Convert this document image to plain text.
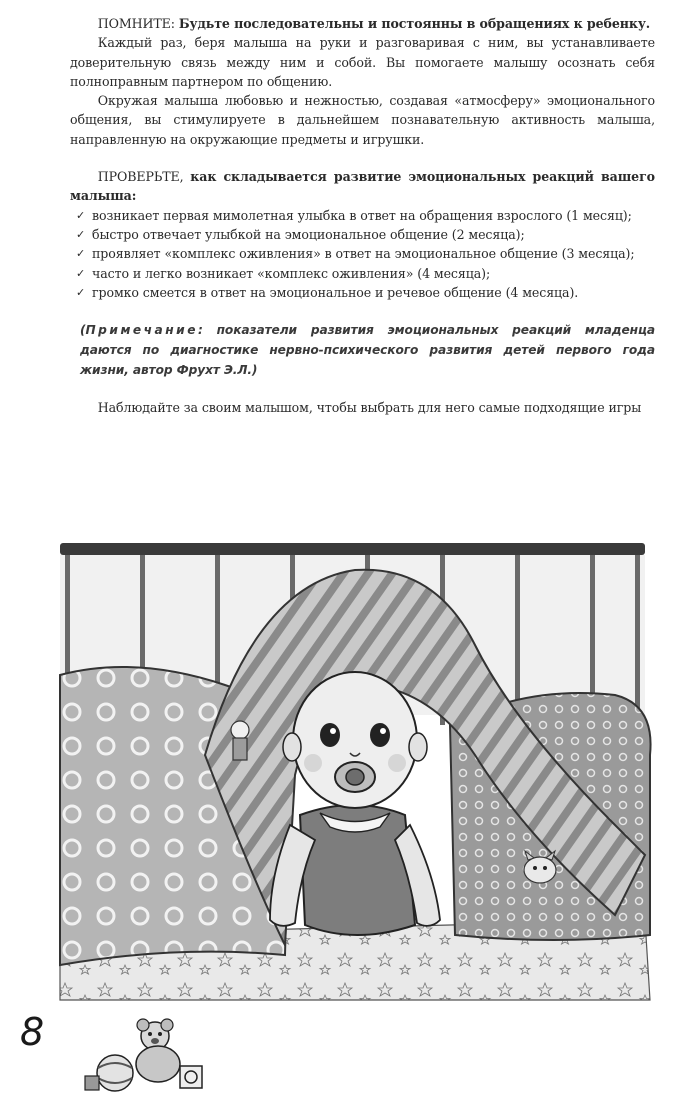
ПОМНИТЕ: Будьте последовательны и постоянны в обращениях к ребенку.

Каждый раз, беря малыша на руки и разговаривая с ним, вы устанавливаете доверительную связь между ним и собой. Вы помогаете малышу осознать себя полноправным партнером по общению.

Окружая малыша любовью и нежностью, создавая «атмосферу» эмоционального общения, вы стимулируете в дальнейшем познавательную активность малыша, направленную на окружающие предметы и игрушки.

ПРОВЕРЬТЕ, как складывается развитие эмоциональных реакций вашего малыша:

✓ возникает первая мимолетная улыбка в ответ на обращения взрослого (1 месяц);
✓ быстро отвечает улыбкой на эмоциональное общение (2 месяца);
✓ проявляет «комплекс оживления» в ответ на эмоциональное общение (3 месяца);
✓ часто и легко возникает «комплекс оживления» (4 месяца);
✓ громко смеется в ответ на эмоциональное и речевое общение (4 месяца).

(Примечание: показатели развития эмоциональных реакций младенца даются по диагностике нервно-психического развития детей первого года жизни, автор Фрухт Э.Л.)

Наблюдайте за своим малышом, чтобы выбрать для него самые подходящие игры

8
